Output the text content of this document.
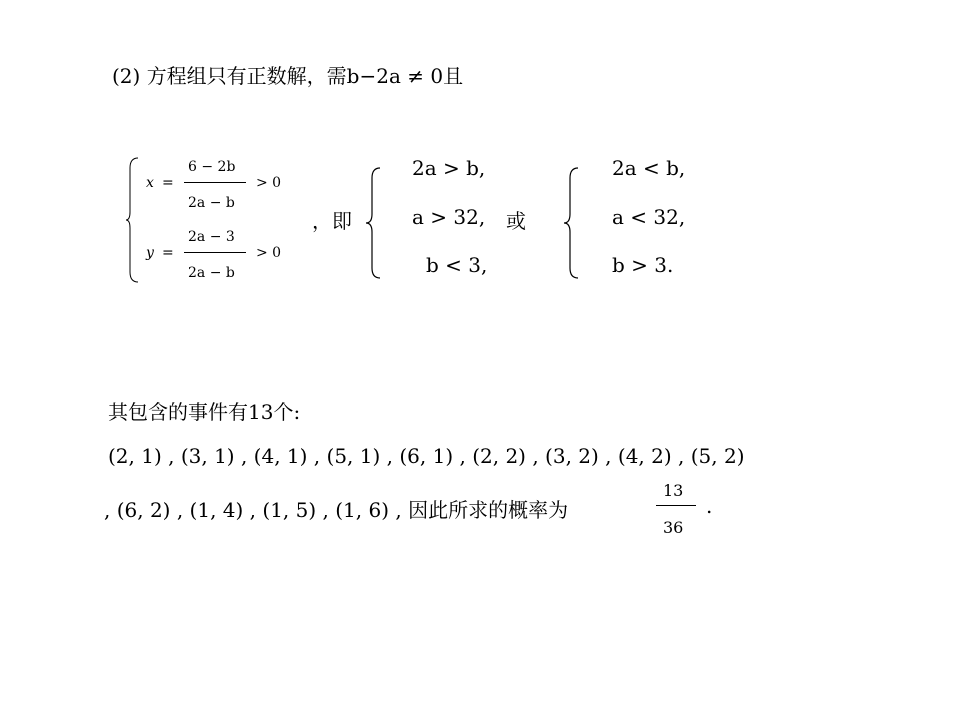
(2) 方程组只有正数解，需b−2a ≠ 0且
x =
6 − 2b
2a − b
> 0
y =
2a − 3
2a − b
> 0
，即
2a > b,
a > 32,
b < 3,
或
2a < b,
a < 32,
b > 3.
其包含的事件有13个:
(2, 1) , (3, 1) , (4, 1) , (5, 1) , (6, 1) , (2, 2) , (3, 2) , (4, 2) , (5, 2)
, (6, 2) , (1, 4) , (1, 5) , (1, 6) , 因此所求的概率为
13
36
.
